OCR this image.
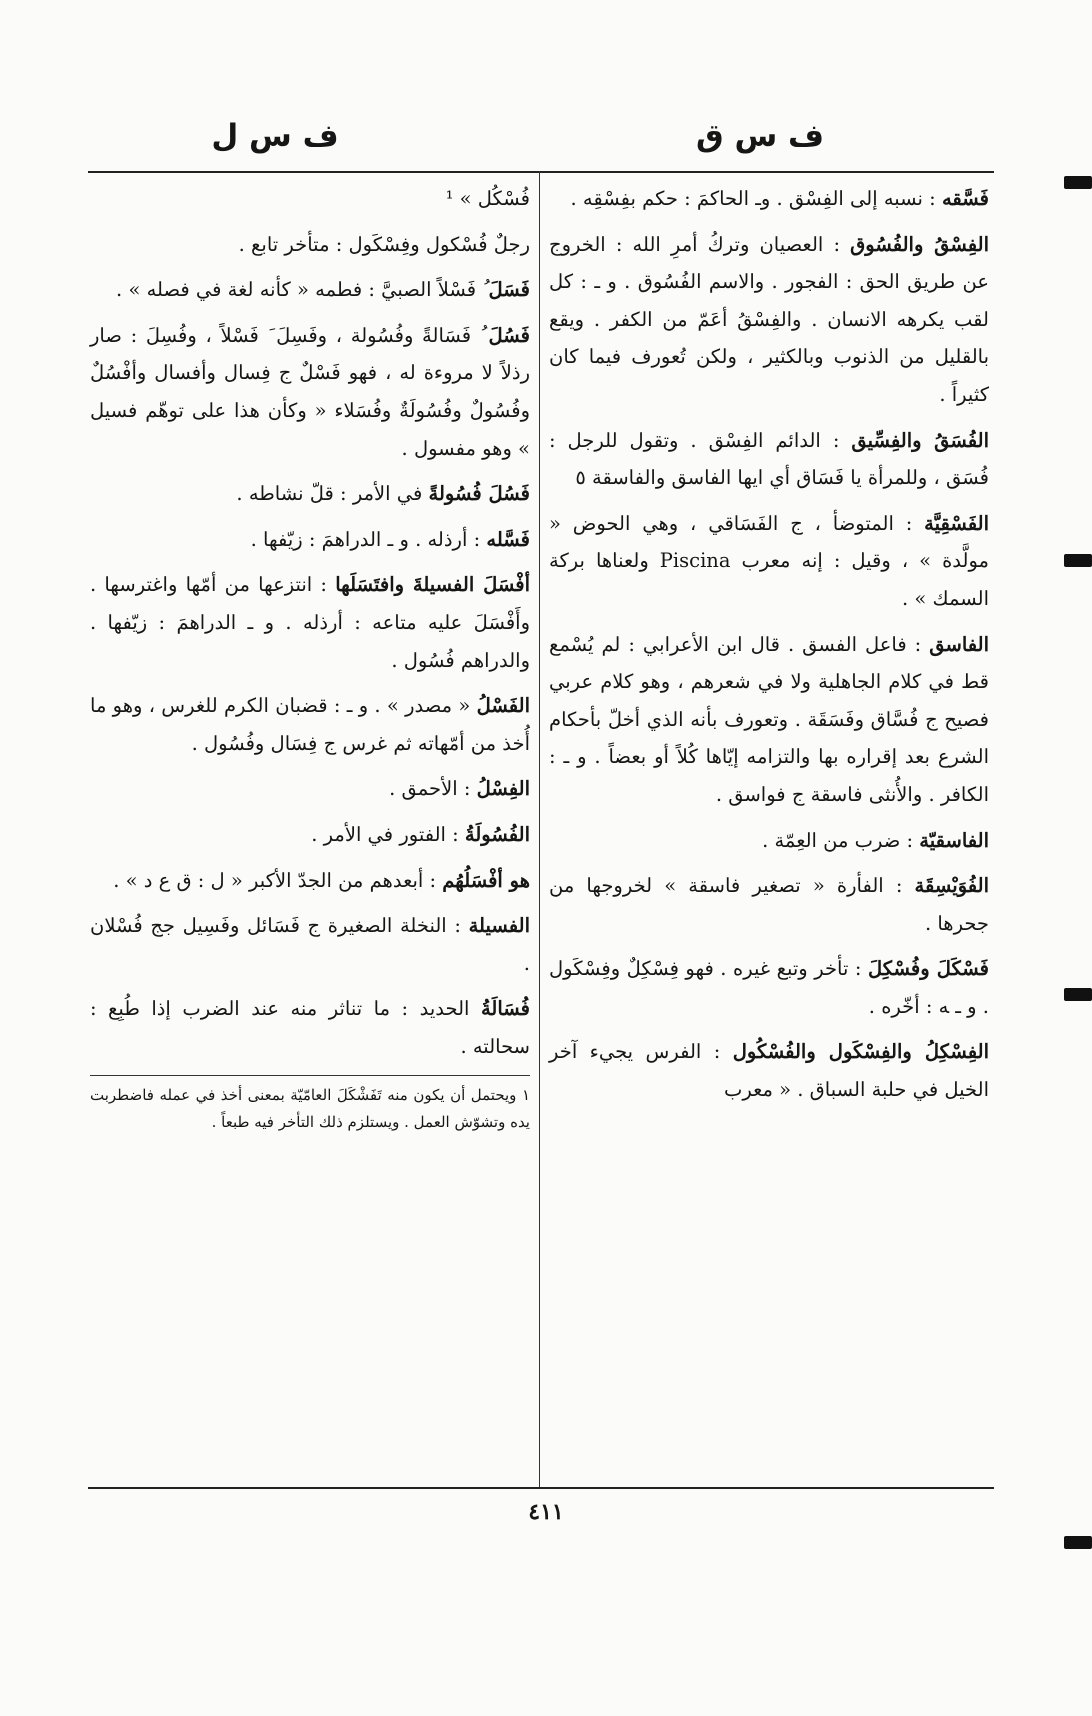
ف س ق
ف س ل

فَسَّقه : نسبه إلى الفِسْق . و‍ـ الحاكمَ : حكم بفِسْقِه .

الفِسْقُ والفُسُوق : العصيان وتركُ أمرِ الله : الخروج عن طريق الحق : الفجور . والاسم الفُسُوق . و ‍ـ : كل لقب يكرهه الانسان . والفِسْقُ أعَمّ من الكفر . ويقع بالقليل من الذنوب وبالكثير ، ولكن تُعورف فيما كان كثيراً .

الفُسَقُ والفِسِّيق : الدائم الفِسْق . وتقول للرجل : فُسَق ، وللمرأة يا فَسَاق أي ايها الفاسق والفاسقة ٥

الفَسْقِيَّة : المتوضأ ، ج الفَسَاقي ، وهي الحوض « مولَّدة » ، وقيل : إنه معرب Piscina ولعناها بركة السمك » .

الفاسق : فاعل الفسق . قال ابن الأعرابي : لم يُسْمع قط في كلام الجاهلية ولا في شعرهم ، وهو كلام عربي فصيح ج فُسَّاق وفَسَقَة . وتعورف بأنه الذي أخلّ بأحكام الشرع بعد إقراره بها والتزامه إيّاها كُلاً أو بعضاً . و ‍ـ : الكافر . والأُنثى فاسقة ج فواسق .

الفاسقيّة : ضرب من العِمّة .

الفُوَيْسِقَة : الفأرة « تصغير فاسقة » لخروجها من جحرها .

فَسْكَلَ وفُسْكِلَ : تأخر وتبع غيره . فهو فِسْكِلٌ وفِسْكَول . و ‍ـ ‍ه : أخّره .

الفِسْكِلُ والفِسْكَول والفُسْكُول : الفرس يجيء آخر الخيل في حلبة السباق . « معرب

فُسْكُل » ¹

رجلٌ فُسْكول وفِسْكَول : متأخر تابع .

فَسَلَ ‍ُ فَسْلاً الصبيَّ : فطمه « كأنه لغة في فصله » .

فَسُلَ ‍ُ فَسَالةً وفُسُولة ، وفَسِلَ ‍َ فَسْلاً ، وفُسِلَ : صار رذلاً لا مروءة له ، فهو فَسْلٌ ج فِسال وأفسال وأفْسُلٌ وفُسُولٌ وفُسُولَةٌ وفُسَلاء « وكأن هذا على توهّم فسيل » وهو مفسول .

فَسُلَ فُسُولةً في الأمر : قلّ نشاطه .

فَسَّله : أرذله . و ‍ـ الدراهمَ : زيّفها .

أفْسَلَ الفسيلةَ وافتَسَلَها : انتزعها من أمّها واغترسها . وأَفْسَلَ عليه متاعه : أرذله . و ‍ـ الدراهمَ : زيّفها . والدراهم فُسُول .

الفَسْلُ « مصدر » . و ‍ـ : قضبان الكرم للغرس ، وهو ما أُخذ من أمّهاته ثم غرس ج فِسَال وفُسُول .

الفِسْلُ : الأحمق .

الفُسُولَةُ : الفتور في الأمر .

هو أفْسَلُهُم : أبعدهم من الجدّ الأكبر « ل : ق ع د » .

الفسيلة : النخلة الصغيرة ج فَسَائل وفَسِيل جج فُسْلان .

فُسَالَةُ الحديد : ما تناثر منه عند الضرب إذا طُبِع : سحالته .

١ ويحتمل أن يكون منه تَفَشْكَلَ العامّيّة بمعنى أخذ في عمله فاضطربت يده وتشوّش العمل . ويستلزم ذلك التأخر فيه طبعاً .
٤١١
